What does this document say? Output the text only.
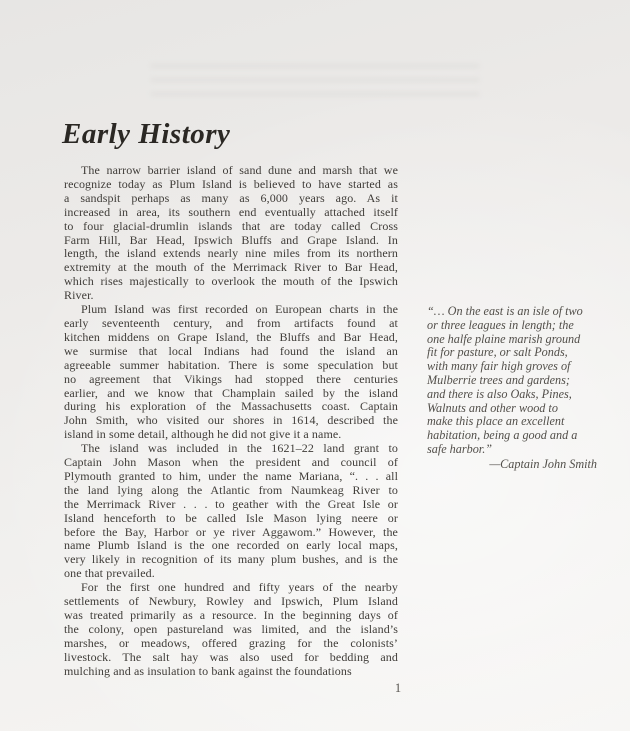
Early History
The narrow barrier island of sand dune and marsh that we
recognize today as Plum Island is believed to have started as
a sandspit perhaps as many as 6,000 years ago. As it
increased in area, its southern end eventually attached itself
to four glacial-drumlin islands that are today called Cross
Farm Hill, Bar Head, Ipswich Bluffs and Grape Island. In
length, the island extends nearly nine miles from its northern
extremity at the mouth of the Merrimack River to Bar Head,
which rises majestically to overlook the mouth of the Ipswich
River.
Plum Island was first recorded on European charts in the
early seventeenth century, and from artifacts found at
kitchen middens on Grape Island, the Bluffs and Bar Head,
we surmise that local Indians had found the island an
agreeable summer habitation. There is some speculation but
no agreement that Vikings had stopped there centuries
earlier, and we know that Champlain sailed by the island
during his exploration of the Massachusetts coast. Captain
John Smith, who visited our shores in 1614, described the
island in some detail, although he did not give it a name.
The island was included in the 1621–22 land grant to
Captain John Mason when the president and council of
Plymouth granted to him, under the name Mariana, “. . . all
the land lying along the Atlantic from Naumkeag River to
the Merrimack River . . . to geather with the Great Isle or
Island henceforth to be called Isle Mason lying neere or
before the Bay, Harbor or ye river Aggawom.” However, the
name Plumb Island is the one recorded on early local maps,
very likely in recognition of its many plum bushes, and is the
one that prevailed.
For the first one hundred and fifty years of the nearby
settlements of Newbury, Rowley and Ipswich, Plum Island
was treated primarily as a resource. In the beginning days of
the colony, open pastureland was limited, and the island’s
marshes, or meadows, offered grazing for the colonists’
livestock. The salt hay was also used for bedding and
mulching and as insulation to bank against the foundations
“… On the east is an isle of two
or three leagues in length; the
one halfe plaine marish ground
fit for pasture, or salt Ponds,
with many fair high groves of
Mulberrie trees and gardens;
and there is also Oaks, Pines,
Walnuts and other wood to
make this place an excellent
habitation, being a good and a
safe harbor.”
—Captain John Smith
1
